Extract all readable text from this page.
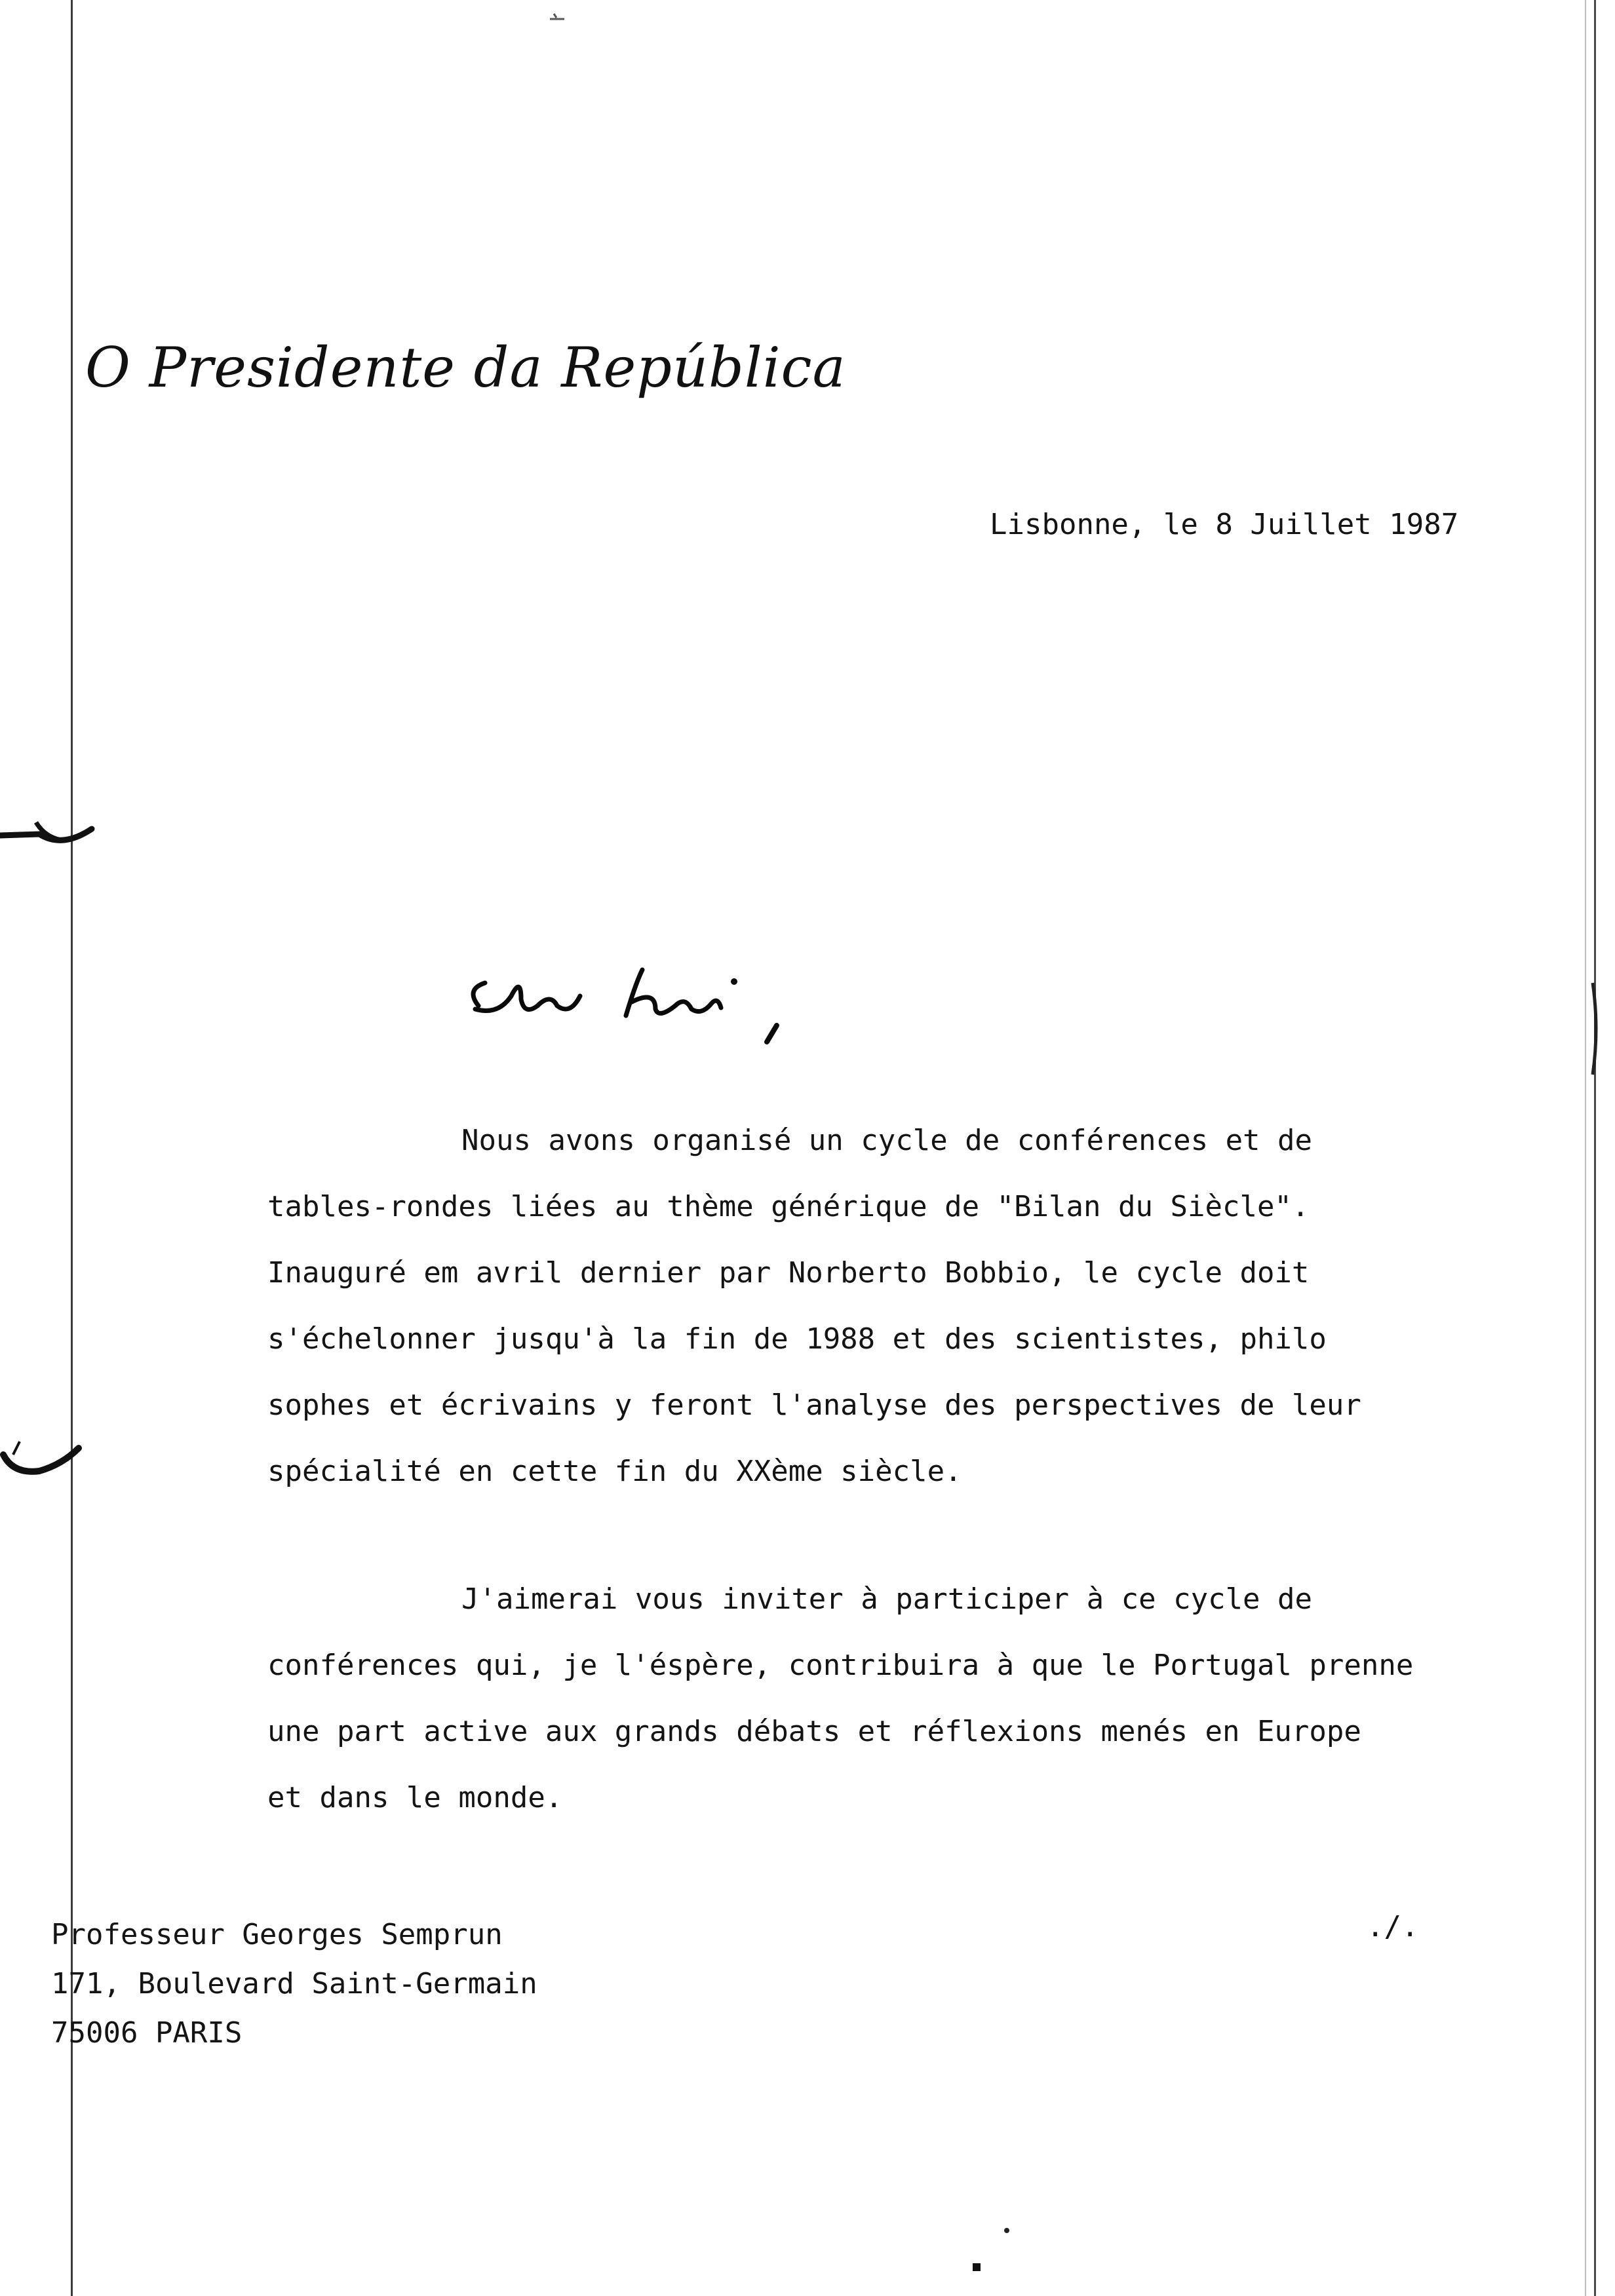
O Presidente da República
Lisbonne, le 8 Juillet 1987
Nous avons organisé un cycle de conférences et de
tables-rondes liées au thème générique de "Bilan du Siècle".
Inauguré em avril dernier par Norberto Bobbio, le cycle doit
s'échelonner jusqu'à la fin de 1988 et des scientistes, philo
sophes et écrivains y feront l'analyse des perspectives de leur
spécialité en cette fin du XXème siècle.
J'aimerai vous inviter à participer à ce cycle de
conférences qui, je l'éspère, contribuira à que le Portugal prenne
une part active aux grands débats et réflexions menés en Europe
et dans le monde.
Professeur Georges Semprun
171, Boulevard Saint-Germain
75006 PARIS
./.
